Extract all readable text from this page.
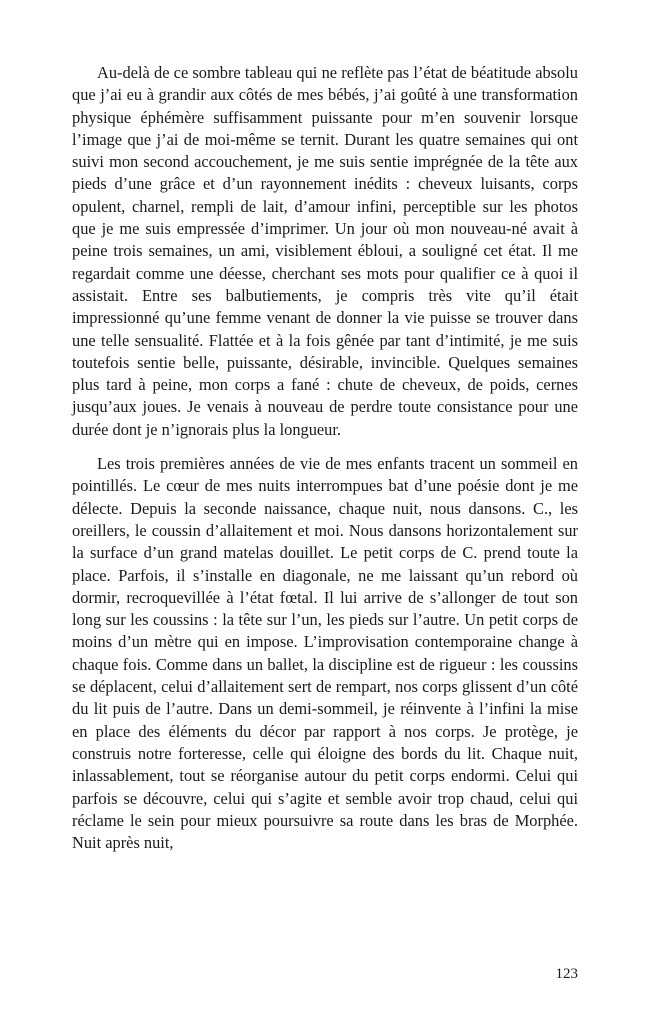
Au-delà de ce sombre tableau qui ne reflète pas l’état de béatitude absolu que j’ai eu à grandir aux côtés de mes bébés, j’ai goûté à une transformation physique éphémère suffisamment puissante pour m’en souvenir lorsque l’image que j’ai de moi-même se ternit. Durant les quatre semaines qui ont suivi mon second accouchement, je me suis sentie imprégnée de la tête aux pieds d’une grâce et d’un rayonnement inédits : cheveux luisants, corps opulent, charnel, rempli de lait, d’amour infini, perceptible sur les photos que je me suis empressée d’imprimer. Un jour où mon nouveau-né avait à peine trois semaines, un ami, visiblement ébloui, a souligné cet état. Il me regardait comme une déesse, cherchant ses mots pour qualifier ce à quoi il assistait. Entre ses balbutiements, je compris très vite qu’il était impressionné qu’une femme venant de donner la vie puisse se trouver dans une telle sensualité. Flattée et à la fois gênée par tant d’intimité, je me suis toutefois sentie belle, puissante, désirable, invincible. Quelques semaines plus tard à peine, mon corps a fané : chute de cheveux, de poids, cernes jusqu’aux joues. Je venais à nouveau de perdre toute consistance pour une durée dont je n’ignorais plus la longueur.

Les trois premières années de vie de mes enfants tracent un sommeil en pointillés. Le cœur de mes nuits interrompues bat d’une poésie dont je me délecte. Depuis la seconde naissance, chaque nuit, nous dansons. C., les oreillers, le coussin d’allaitement et moi. Nous dansons horizontalement sur la surface d’un grand matelas douillet. Le petit corps de C. prend toute la place. Parfois, il s’installe en diagonale, ne me laissant qu’un rebord où dormir, recroquevillée à l’état fœtal. Il lui arrive de s’allonger de tout son long sur les coussins : la tête sur l’un, les pieds sur l’autre. Un petit corps de moins d’un mètre qui en impose. L’improvisation contemporaine change à chaque fois. Comme dans un ballet, la discipline est de rigueur : les coussins se déplacent, celui d’allaitement sert de rempart, nos corps glissent d’un côté du lit puis de l’autre. Dans un demi-sommeil, je réinvente à l’infini la mise en place des éléments du décor par rapport à nos corps. Je protège, je construis notre forteresse, celle qui éloigne des bords du lit. Chaque nuit, inlassablement, tout se réorganise autour du petit corps endormi. Celui qui parfois se découvre, celui qui s’agite et semble avoir trop chaud, celui qui réclame le sein pour mieux poursuivre sa route dans les bras de Morphée. Nuit après nuit,

123
